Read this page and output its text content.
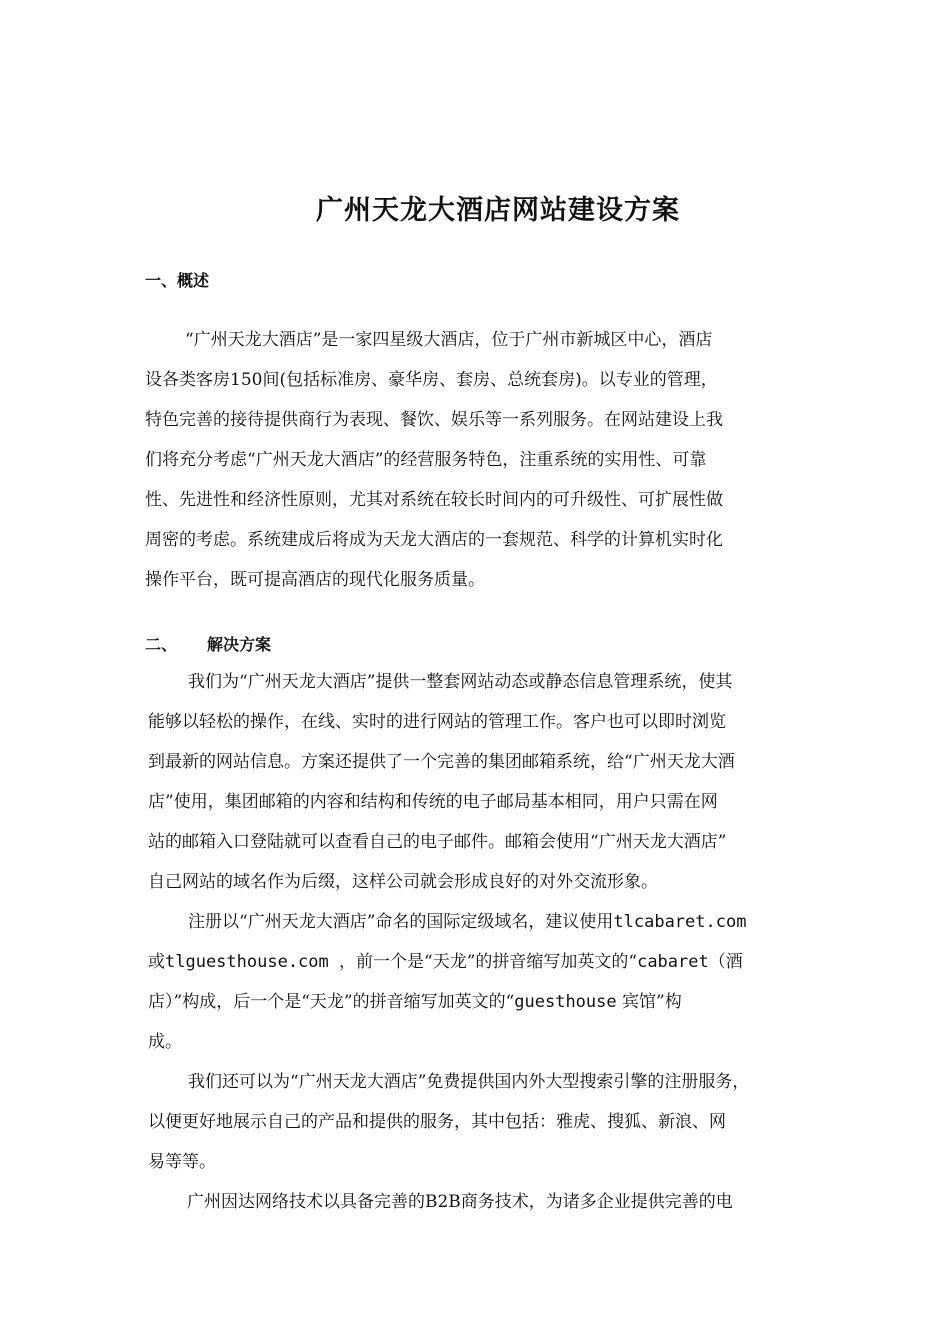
广州天龙大酒店网站建设方案
一、概述
“广州天龙大酒店”是一家四星级大酒店，位于广州市新城区中心，酒店
设各类客房150间(包括标准房、豪华房、套房、总统套房)。以专业的管理，
特色完善的接待提供商行为表现、餐饮、娱乐等一系列服务。在网站建设上我
们将充分考虑“广州天龙大酒店”的经营服务特色，注重系统的实用性、可靠
性、先进性和经济性原则，尤其对系统在较长时间内的可升级性、可扩展性做
周密的考虑。系统建成后将成为天龙大酒店的一套规范、科学的计算机实时化
操作平台，既可提高酒店的现代化服务质量。
二、 解决方案
我们为“广州天龙大酒店”提供一整套网站动态或静态信息管理系统，使其
能够以轻松的操作，在线、实时的进行网站的管理工作。客户也可以即时浏览
到最新的网站信息。方案还提供了一个完善的集团邮箱系统，给“广州天龙大酒
店”使用，集团邮箱的内容和结构和传统的电子邮局基本相同，用户只需在网
站的邮箱入口登陆就可以查看自己的电子邮件。邮箱会使用“广州天龙大酒店”
自己网站的域名作为后缀，这样公司就会形成良好的对外交流形象。
注册以“广州天龙大酒店”命名的国际定级域名，建议使用tlcabaret.com
或tlguesthouse.com ，前一个是“天龙”的拼音缩写加英文的“cabaret（酒
店）”构成，后一个是“天龙”的拼音缩写加英文的“guesthouse 宾馆”构
成。
我们还可以为“广州天龙大酒店”免费提供国内外大型搜索引擎的注册服务，
以便更好地展示自己的产品和提供的服务，其中包括：雅虎、搜狐、新浪、网
易等等。
广州因达网络技术以具备完善的B2B商务技术，为诸多企业提供完善的电
